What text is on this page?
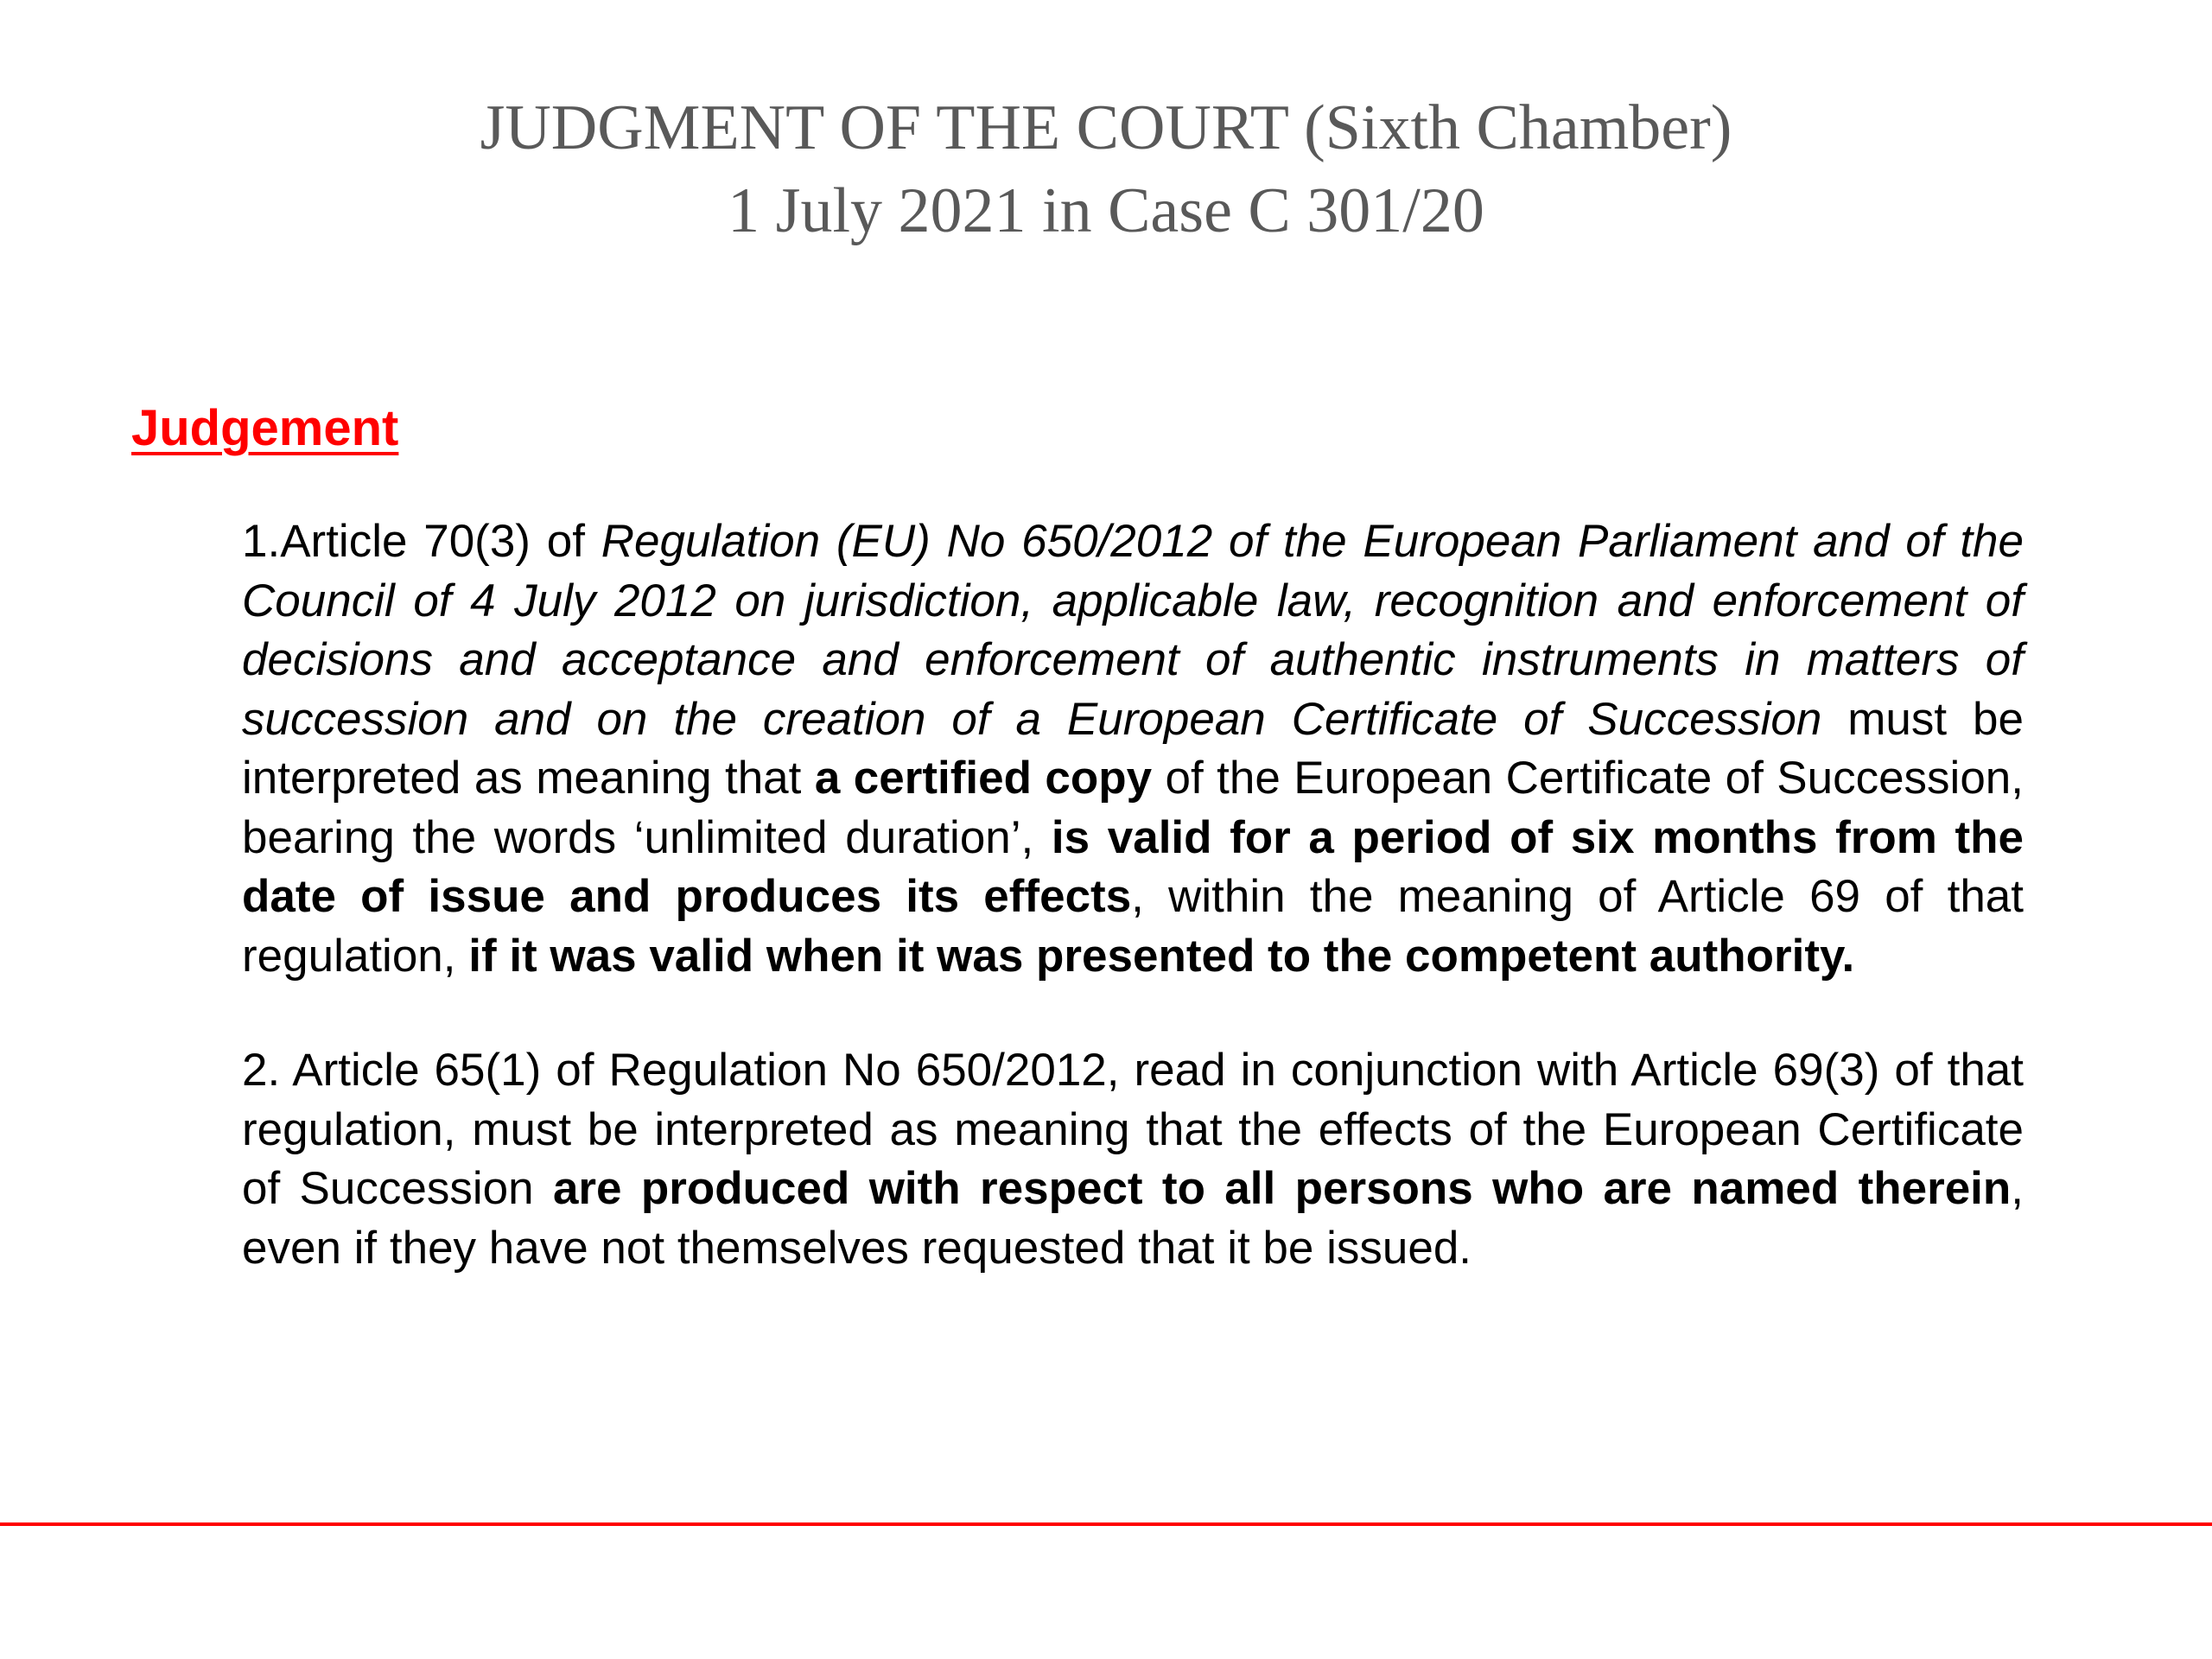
JUDGMENT OF THE COURT (Sixth Chamber)
1 July 2021 in Case C 301/20
Judgement

1.Article 70(3) of Regulation (EU) No 650/2012 of the European Parliament and of the Council of 4 July 2012 on jurisdiction, applicable law, recognition and enforcement of decisions and acceptance and enforcement of authentic instruments in matters of succession and on the creation of a European Certificate of Succession must be interpreted as meaning that a certified copy of the European Certificate of Succession, bearing the words ‘unlimited duration’, is valid for a period of six months from the date of issue and produces its effects, within the meaning of Article 69 of that regulation, if it was valid when it was presented to the competent authority.

2. Article 65(1) of Regulation No 650/2012, read in conjunction with Article 69(3) of that regulation, must be interpreted as meaning that the effects of the European Certificate of Succession are produced with respect to all persons who are named therein, even if they have not themselves requested that it be issued.
